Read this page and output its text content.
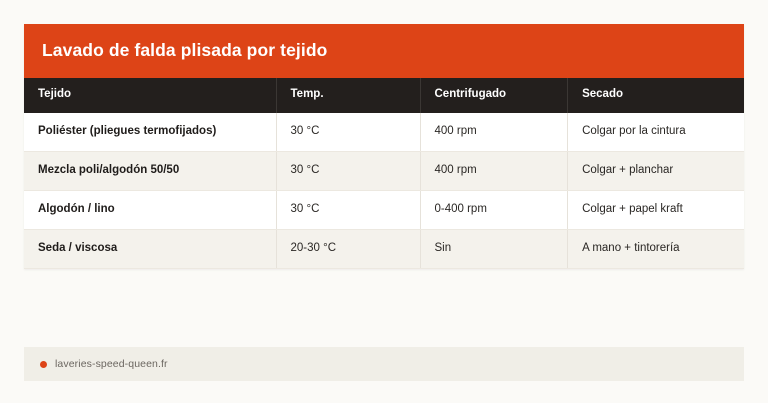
Lavado de falda plisada por tejido
Tejido	Temp.	Centrifugado	Secado
Poliéster (pliegues termofijados)	30 °C	400 rpm	Colgar por la cintura
Mezcla poli/algodón 50/50	30 °C	400 rpm	Colgar + planchar
Algodón / lino	30 °C	0-400 rpm	Colgar + papel kraft
Seda / viscosa	20-30 °C	Sin	A mano + tintorería
laveries-speed-queen.fr
